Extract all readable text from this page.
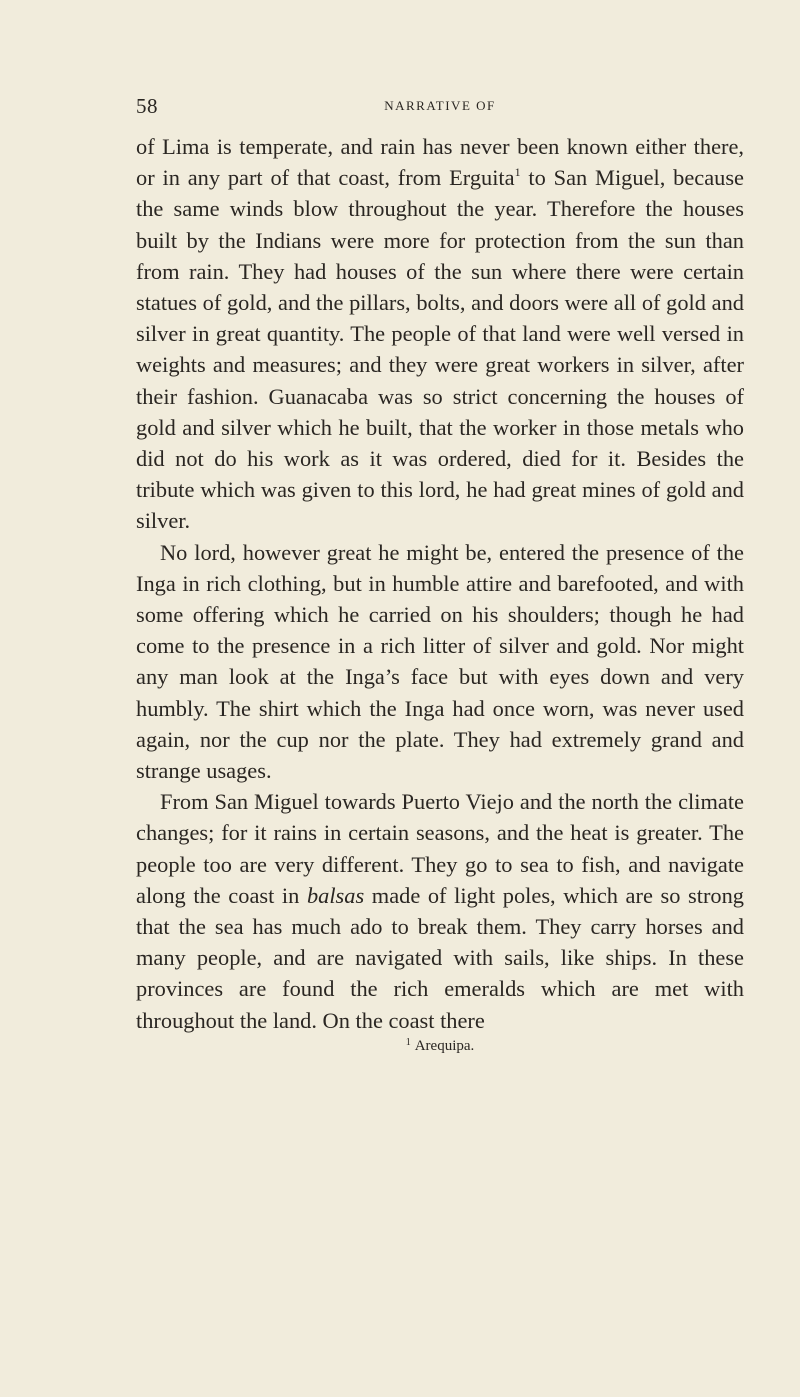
58	NARRATIVE OF

of Lima is temperate, and rain has never been known either there, or in any part of that coast, from Erguita$^1$ to San Miguel, because the same winds blow throughout the year. Therefore the houses built by the Indians were more for protection from the sun than from rain. They had houses of the sun where there were certain statues of gold, and the pillars, bolts, and doors were all of gold and silver in great quantity. The people of that land were well versed in weights and measures; and they were great workers in silver, after their fashion. Guanacaba was so strict concerning the houses of gold and silver which he built, that the worker in those metals who did not do his work as it was ordered, died for it. Besides the tribute which was given to this lord, he had great mines of gold and silver.

No lord, however great he might be, entered the presence of the Inga in rich clothing, but in humble attire and barefooted, and with some offering which he carried on his shoulders; though he had come to the presence in a rich litter of silver and gold. Nor might any man look at the Inga’s face but with eyes down and very humbly. The shirt which the Inga had once worn, was never used again, nor the cup nor the plate. They had extremely grand and strange usages.

From San Miguel towards Puerto Viejo and the north the climate changes; for it rains in certain seasons, and the heat is greater. The people too are very different. They go to sea to fish, and navigate along the coast in balsas made of light poles, which are so strong that the sea has much ado to break them. They carry horses and many people, and are navigated with sails, like ships. In these provinces are found the rich emeralds which are met with throughout the land. On the coast there

$^1$ Arequipa.
